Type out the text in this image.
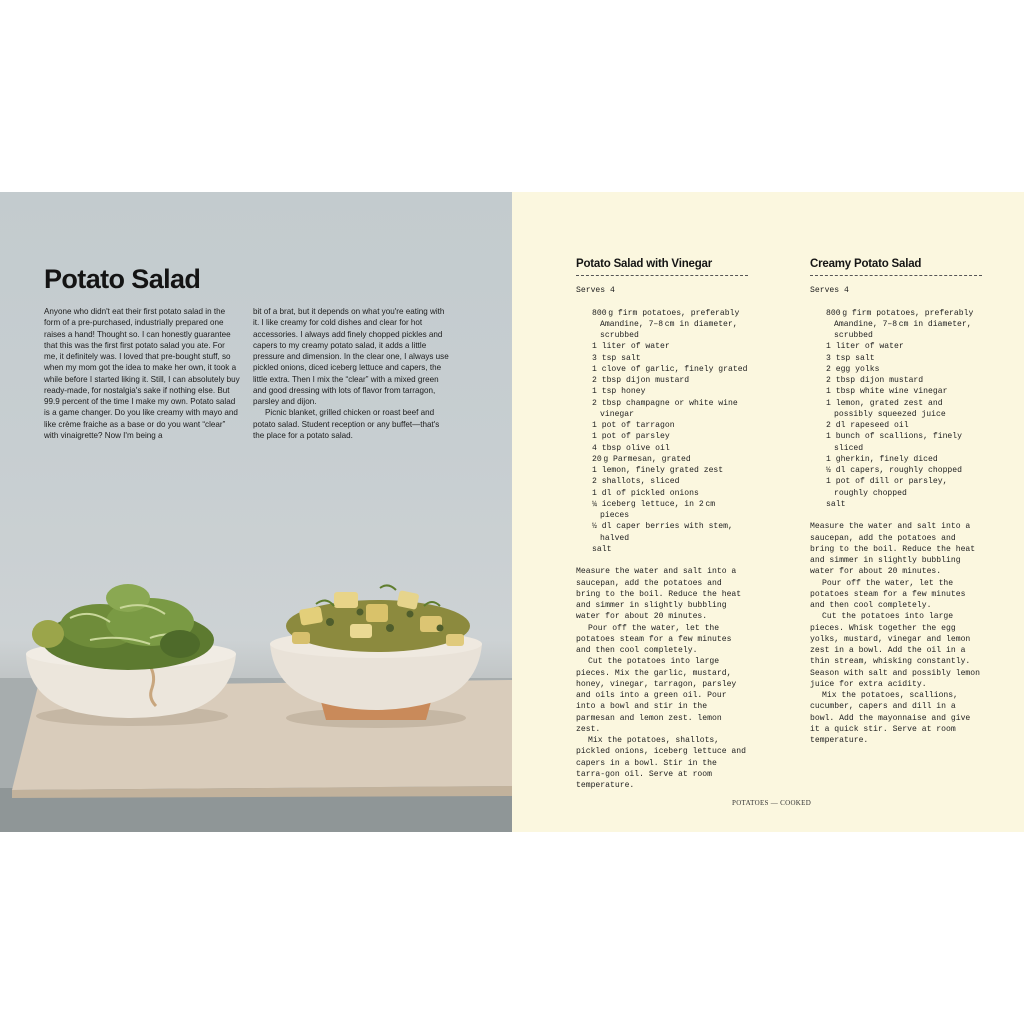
Potato Salad

Anyone who didn't eat their first potato salad in the form of a pre-purchased, industrially prepared one raises a hand! Thought so. I can honestly guarantee that this was the first first potato salad you ate. For me, it definitely was. I loved that pre-bought stuff, so when my mom got the idea to make her own, it took a while before I started liking it. Still, I can absolutely buy ready-made, for nostalgia's sake if nothing else. But 99.9 percent of the time I make my own. Potato salad is a game changer. Do you like creamy with mayo and like crème fraiche as a base or do you want “clear” with vinaigrette? Now I'm being a

bit of a brat, but it depends on what you're eating with it. I like creamy for cold dishes and clear for hot accessories. I always add finely chopped pickles and capers to my creamy potato salad, it adds a little pressure and dimension. In the clear one, I always use pickled onions, diced iceberg lettuce and capers, the little extra. Then I mix the “clear” with a mixed green and good dressing with lots of flavor from tarragon, parsley and dijon.

Picnic blanket, grilled chicken or roast beef and potato salad. Student reception or any buffet—that's the place for a potato salad.

Potato Salad with Vinegar

Serves 4

800 g firm potatoes, preferably Amandine, 7–8 cm in diameter, scrubbed
1 liter of water
3 tsp salt
1 clove of garlic, finely grated
2 tbsp dijon mustard
1 tsp honey
2 tbsp champagne or white wine vinegar
1 pot of tarragon
1 pot of parsley
4 tbsp olive oil
20 g Parmesan, grated
1 lemon, finely grated zest
2 shallots, sliced
1 dl of pickled onions
¼ iceberg lettuce, in 2 cm pieces
½ dl caper berries with stem, halved
salt

Measure the water and salt into a saucepan, add the potatoes and bring to the boil. Reduce the heat and simmer in slightly bubbling water for about 20 minutes.

Pour off the water, let the potatoes steam for a few minutes and then cool completely.

Cut the potatoes into large pieces. Mix the garlic, mustard, honey, vinegar, tarragon, parsley and oils into a green oil. Pour into a bowl and stir in the parmesan and lemon zest. lemon zest.

Mix the potatoes, shallots, pickled onions, iceberg lettuce and capers in a bowl. Stir in the tarra-gon oil. Serve at room temperature.

Creamy Potato Salad

Serves 4

800 g firm potatoes, preferably Amandine, 7–8 cm in diameter, scrubbed
1 liter of water
3 tsp salt
2 egg yolks
2 tbsp dijon mustard
1 tbsp white wine vinegar
1 lemon, grated zest and possibly squeezed juice
2 dl rapeseed oil
1 bunch of scallions, finely sliced
1 gherkin, finely diced
½ dl capers, roughly chopped
1 pot of dill or parsley, roughly chopped
salt

Measure the water and salt into a saucepan, add the potatoes and bring to the boil. Reduce the heat and simmer in slightly bubbling water for about 20 minutes.

Pour off the water, let the potatoes steam for a few minutes and then cool completely.

Cut the potatoes into large pieces. Whisk together the egg yolks, mustard, vinegar and lemon zest in a bowl. Add the oil in a thin stream, whisking constantly. Season with salt and possibly lemon juice for extra acidity.

Mix the potatoes, scallions, cucumber, capers and dill in a bowl. Add the mayonnaise and give it a quick stir. Serve at room temperature.

POTATOES — COOKED
